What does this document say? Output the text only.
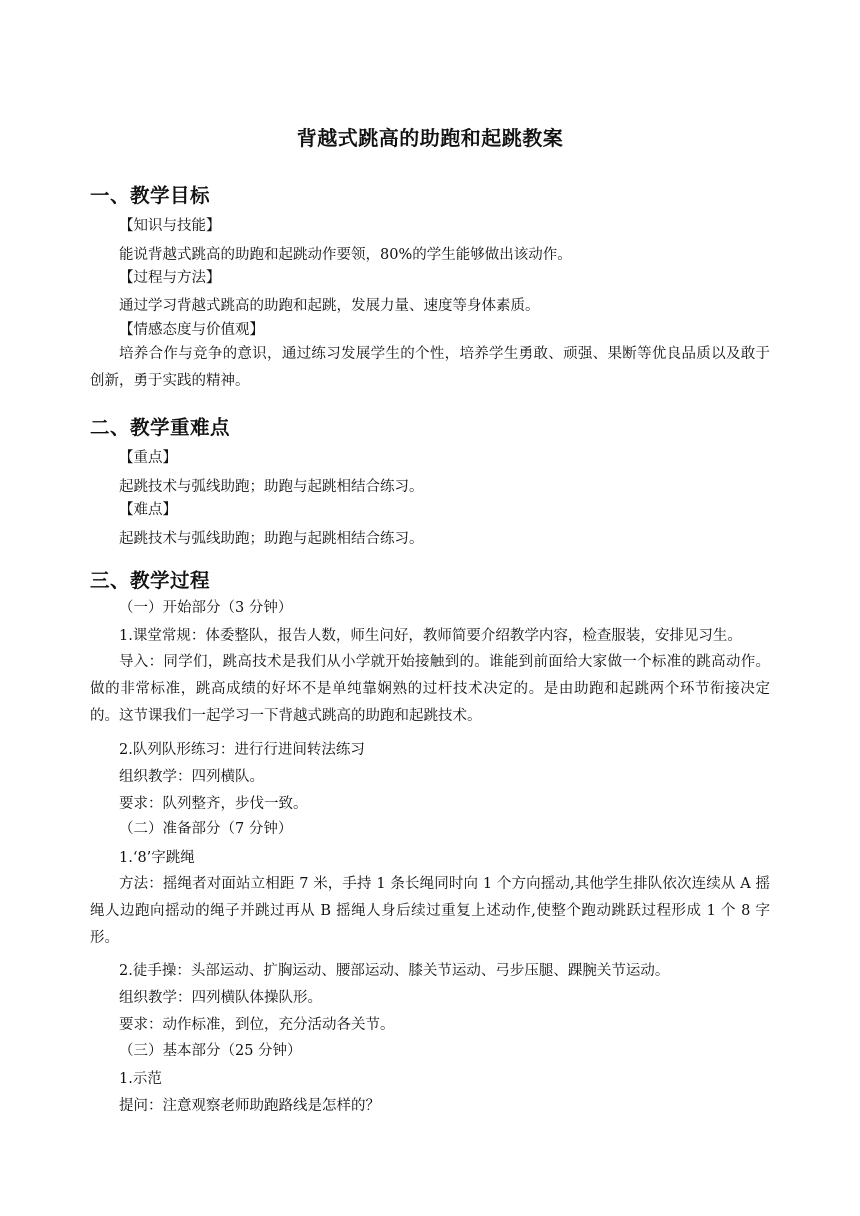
背越式跳高的助跑和起跳教案
一、教学目标
【知识与技能】
能说背越式跳高的助跑和起跳动作要领，80%的学生能够做出该动作。
【过程与方法】
通过学习背越式跳高的助跑和起跳，发展力量、速度等身体素质。
【情感态度与价值观】
培养合作与竞争的意识，通过练习发展学生的个性，培养学生勇敢、顽强、果断等优良品质以及敢于创新，勇于实践的精神。
二、教学重难点
【重点】
起跳技术与弧线助跑；助跑与起跳相结合练习。
【难点】
起跳技术与弧线助跑；助跑与起跳相结合练习。
三、教学过程
（一）开始部分（3 分钟）
1.课堂常规：体委整队，报告人数，师生问好，教师简要介绍教学内容，检查服装，安排见习生。
导入：同学们，跳高技术是我们从小学就开始接触到的。谁能到前面给大家做一个标准的跳高动作。做的非常标准，跳高成绩的好坏不是单纯靠娴熟的过杆技术决定的。是由助跑和起跳两个环节衔接决定的。这节课我们一起学习一下背越式跳高的助跑和起跳技术。
2.队列队形练习：进行行进间转法练习
组织教学：四列横队。
要求：队列整齐，步伐一致。
（二）准备部分（7 分钟）
1.‘8’字跳绳
方法：摇绳者对面站立相距 7 米，手持 1 条长绳同时向 1 个方向摇动,其他学生排队依次连续从 A 摇绳人边跑向摇动的绳子并跳过再从 B 摇绳人身后续过重复上述动作,使整个跑动跳跃过程形成 1 个 8 字形。
2.徒手操：头部运动、扩胸运动、腰部运动、膝关节运动、弓步压腿、踝腕关节运动。
组织教学：四列横队体操队形。
要求：动作标准，到位，充分活动各关节。
（三）基本部分（25 分钟）
1.示范
提问：注意观察老师助跑路线是怎样的？
